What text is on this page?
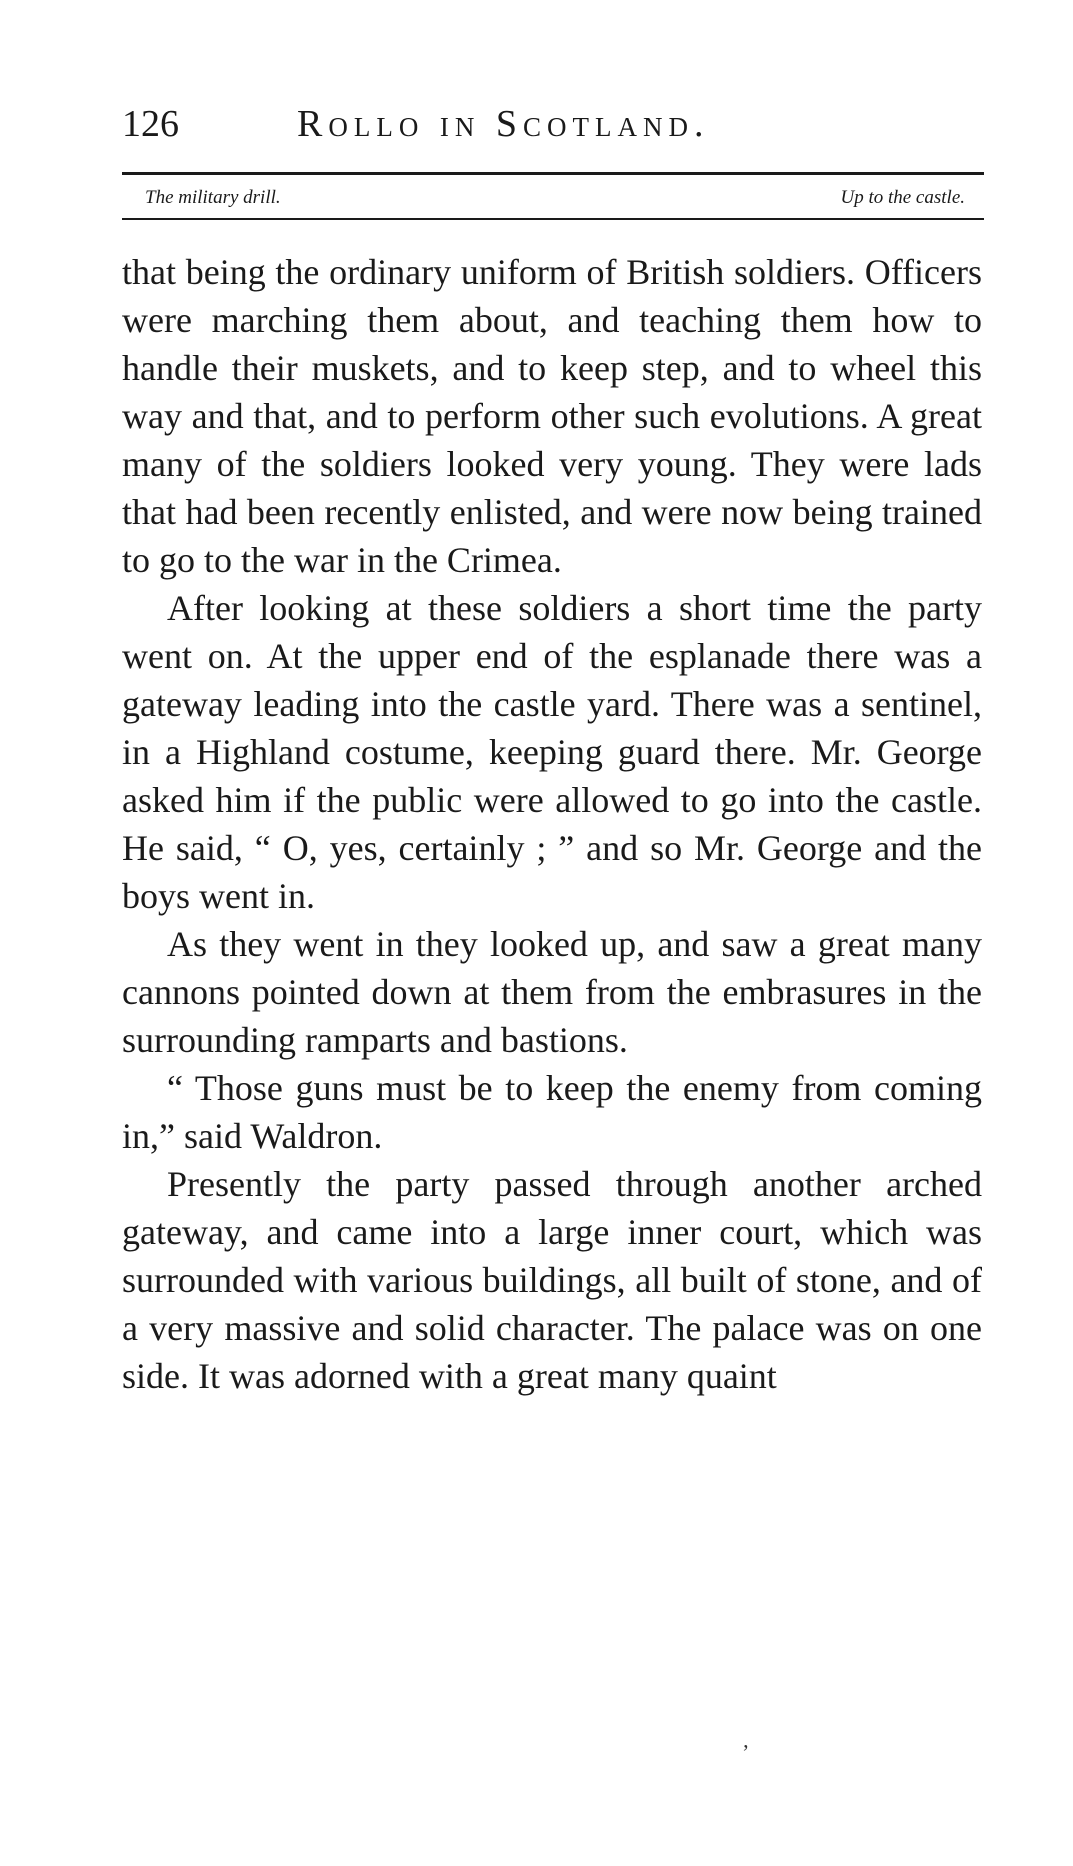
126	Rollo in Scotland.
The military drill.	Up to the castle.

that being the ordinary uniform of British soldiers. Officers were marching them about, and teaching them how to handle their muskets, and to keep step, and to wheel this way and that, and to perform other such evolutions. A great many of the soldiers looked very young. They were lads that had been recently enlisted, and were now being trained to go to the war in the Crimea.

After looking at these soldiers a short time the party went on. At the upper end of the esplanade there was a gateway leading into the castle yard. There was a sentinel, in a Highland costume, keeping guard there. Mr. George asked him if the public were allowed to go into the castle. He said, “ O, yes, certainly ; ” and so Mr. George and the boys went in.

As they went in they looked up, and saw a great many cannons pointed down at them from the embrasures in the surrounding ramparts and bastions.

“ Those guns must be to keep the enemy from coming in,” said Waldron.

Presently the party passed through another arched gateway, and came into a large inner court, which was surrounded with various buildings, all built of stone, and of a very massive and solid character. The palace was on one side. It was adorned with a great many quaint

ʼ
